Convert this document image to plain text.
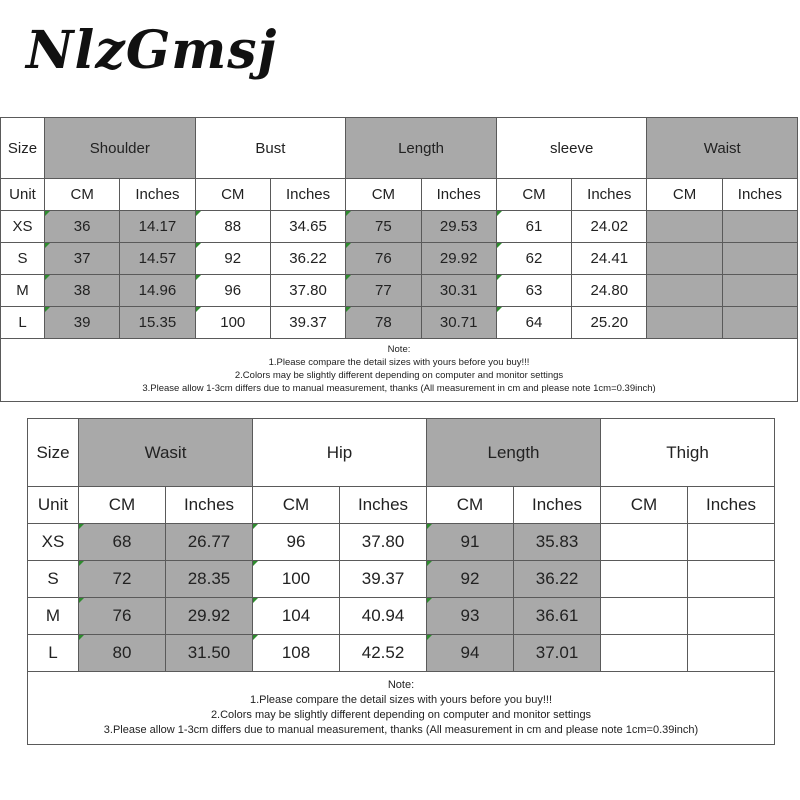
NlzGmsj
Size	Shoulder		Bust		Length		sleeve		Waist	
Unit	CM	Inches	CM	Inches	CM	Inches	CM	Inches	CM	Inches
XS	36	14.17	88	34.65	75	29.53	61	24.02		
S	37	14.57	92	36.22	76	29.92	62	24.41		
M	38	14.96	96	37.80	77	30.31	63	24.80		
L	39	15.35	100	39.37	78	30.71	64	25.20		

Note:
1.Please compare the detail sizes with yours before you buy!!!
2.Colors may be slightly different depending on computer and monitor settings
3.Please allow 1-3cm differs due to manual measurement, thanks (All measurement in cm and please note 1cm=0.39inch)										
Size	Wasit		Hip		Length		Thigh	
Unit	CM	Inches	CM	Inches	CM	Inches	CM	Inches
XS	68	26.77	96	37.80	91	35.83		
S	72	28.35	100	39.37	92	36.22		
M	76	29.92	104	40.94	93	36.61		
L	80	31.50	108	42.52	94	37.01		

Note:
1.Please compare the detail sizes with yours before you buy!!!
2.Colors may be slightly different depending on computer and monitor settings
3.Please allow 1-3cm differs due to manual measurement, thanks (All measurement in cm and please note 1cm=0.39inch)								
